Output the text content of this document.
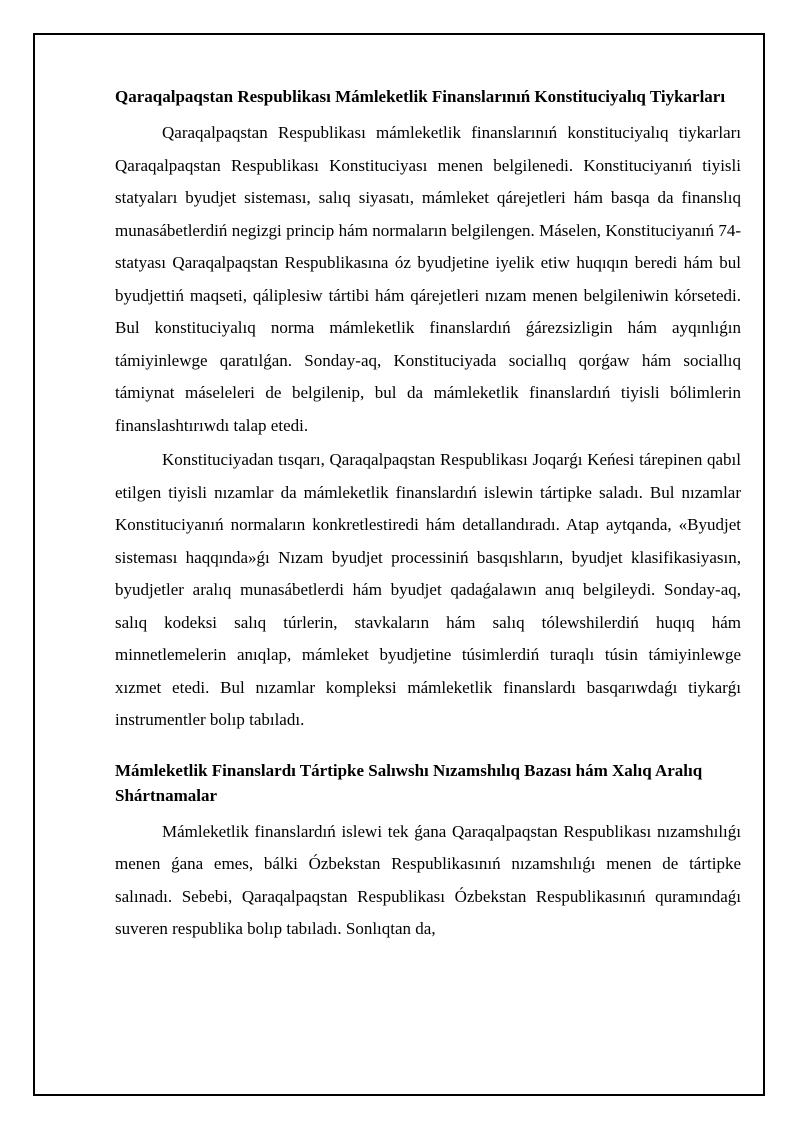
Qaraqalpaqstan Respublikası Mámleketlik Finanslarınıń Konstituciyalıq Tiykarları

Qaraqalpaqstan Respublikası mámleketlik finanslarınıń konstituciyalıq tiykarları Qaraqalpaqstan Respublikası Konstituciyası menen belgilenedi. Konstituciyanıń tiyisli statyaları byudjet sisteması, salıq siyasatı, mámleket qárejetleri hám basqa da finanslıq munasábetlerdiń negizgi princip hám normaların belgilengen. Máselen, Konstituciyanıń 74-statyası Qaraqalpaqstan Respublikasına óz byudjetine iyelik etiw huqıqın beredi hám bul byudjettiń maqseti, qáliplesiw tártibi hám qárejetleri nızam menen belgileniwin kórsetedi. Bul konstituciyalıq norma mámleketlik finanslardıń ǵárezsizligin hám ayqınlıǵın támiyinlewge qaratılǵan. Sonday-aq, Konstituciyada sociallıq qorǵaw hám sociallıq támiynat máseleleri de belgilenip, bul da mámleketlik finanslardıń tiyisli bólimlerin finanslashtırıwdı talap etedi.

Konstituciyadan tısqarı, Qaraqalpaqstan Respublikası Joqarǵı Keńesi tárepinen qabıl etilgen tiyisli nızamlar da mámleketlik finanslardıń islewin tártipke saladı. Bul nızamlar Konstituciyanıń normaların konkretlestiredi hám detallandıradı. Atap aytqanda, «Byudjet sisteması haqqında»ǵı Nızam byudjet processiniń basqıshların, byudjet klasifikasiyasın, byudjetler aralıq munasábetlerdi hám byudjet qadaǵalawın anıq belgileydi. Sonday-aq, salıq kodeksi salıq túrlerin, stavkaların hám salıq tólewshilerdiń huqıq hám minnetlemelerin anıqlap, mámleket byudjetine túsimlerdiń turaqlı túsin támiyinlewge xızmet etedi. Bul nızamlar kompleksi mámleketlik finanslardı basqarıwdaǵı tiykarǵı instrumentler bolıp tabıladı.

Mámleketlik Finanslardı Tártipke Salıwshı Nızamshılıq Bazası hám Xalıq Aralıq Shártnamalar

Mámleketlik finanslardıń islewi tek ǵana Qaraqalpaqstan Respublikası nızamshılıǵı menen ǵana emes, bálki Ózbekstan Respublikasınıń nızamshılıǵı menen de tártipke salınadı. Sebebi, Qaraqalpaqstan Respublikası Ózbekstan Respublikasınıń quramındaǵı suveren respublika bolıp tabıladı. Sonlıqtan da,
